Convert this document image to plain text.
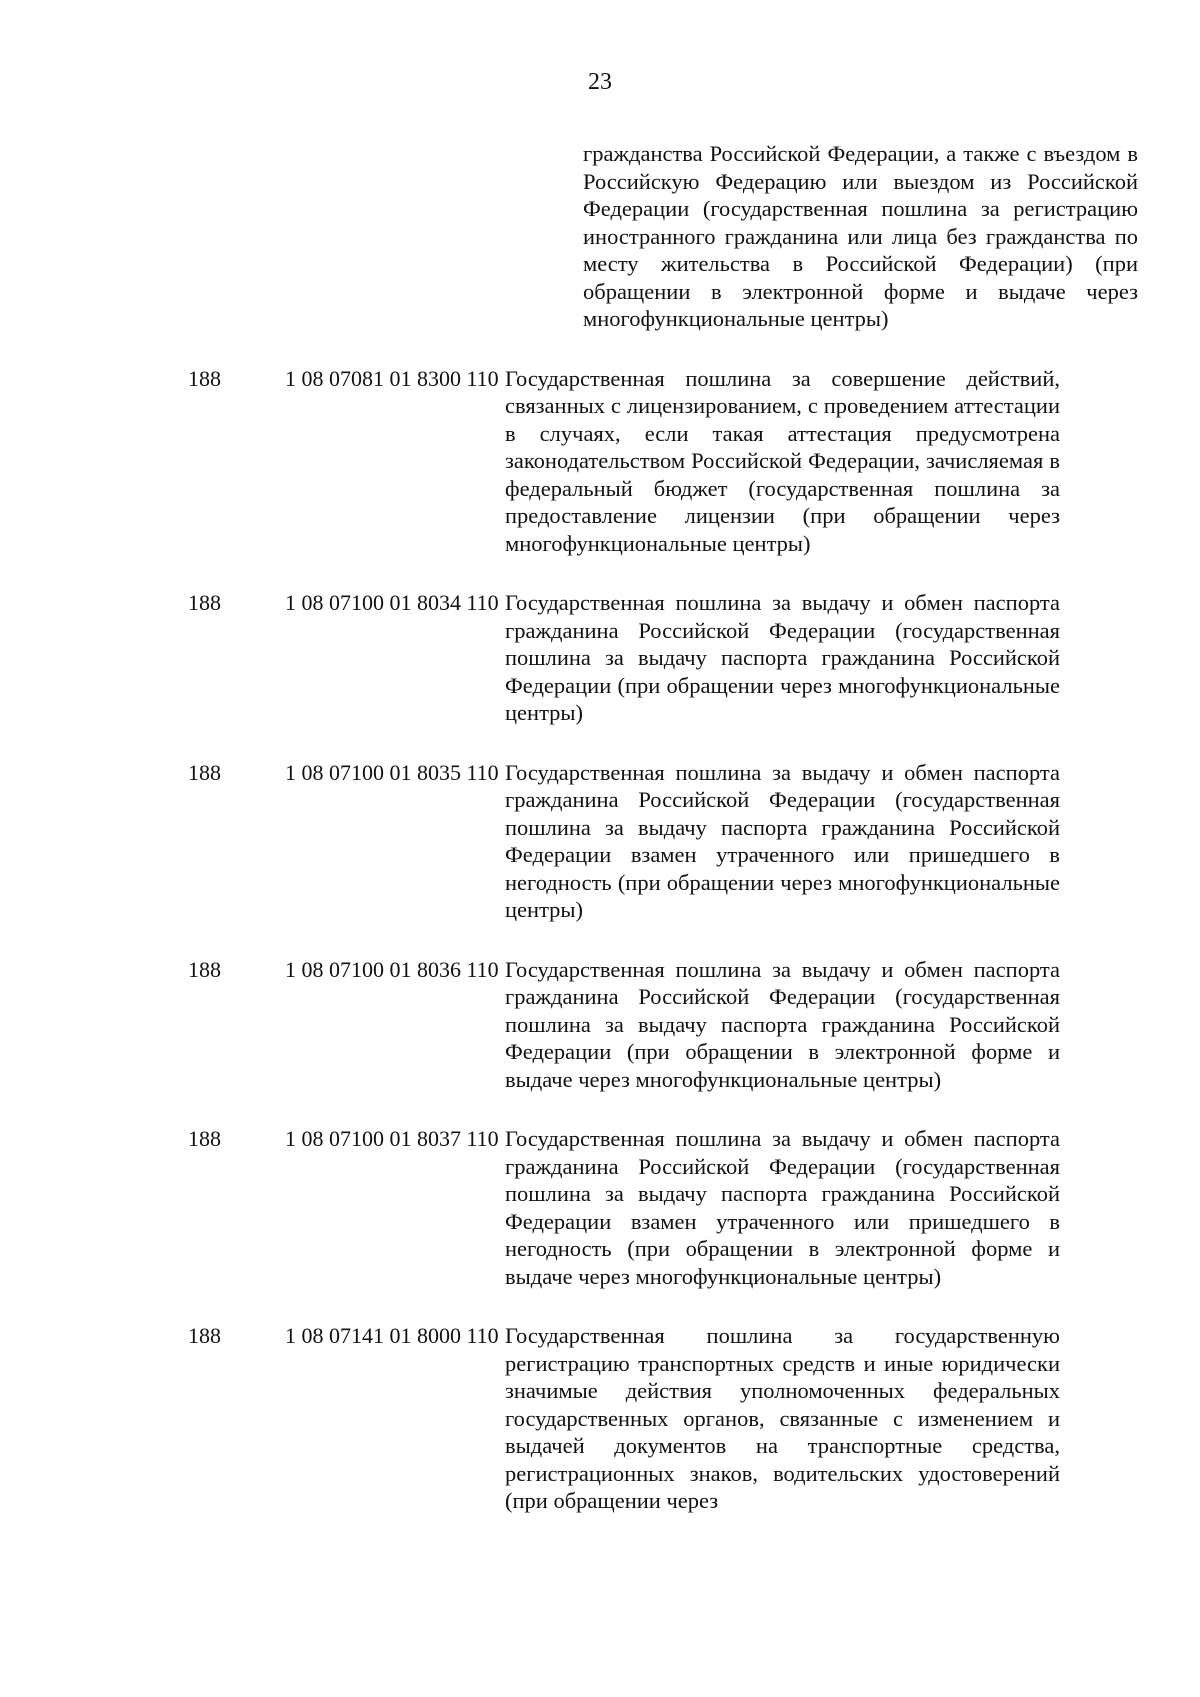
23
гражданства Российской Федерации, а также с въездом в Российскую Федерацию или выездом из Российской Федерации (государственная пошлина за регистрацию иностранного гражданина или лица без гражданства по месту жительства в Российской Федерации) (при обращении в электронной форме и выдаче через многофункциональные центры)
188	1 08 07081 01 8300 110 Государственная пошлина за совершение действий, связанных с лицензированием, с проведением аттестации в случаях, если такая аттестация предусмотрена законодательством Российской Федерации, зачисляемая в федеральный бюджет (государственная пошлина за предоставление лицензии (при обращении через многофункциональные центры)
188	1 08 07100 01 8034 110 Государственная пошлина за выдачу и обмен паспорта гражданина Российской Федерации (государственная пошлина за выдачу паспорта гражданина Российской Федерации (при обращении через многофункциональные центры)
188	1 08 07100 01 8035 110 Государственная пошлина за выдачу и обмен паспорта гражданина Российской Федерации (государственная пошлина за выдачу паспорта гражданина Российской Федерации взамен утраченного или пришедшего в негодность (при обращении через многофункциональные центры)
188	1 08 07100 01 8036 110 Государственная пошлина за выдачу и обмен паспорта гражданина Российской Федерации (государственная пошлина за выдачу паспорта гражданина Российской Федерации (при обращении в электронной форме и выдаче через многофункциональные центры)
188	1 08 07100 01 8037 110 Государственная пошлина за выдачу и обмен паспорта гражданина Российской Федерации (государственная пошлина за выдачу паспорта гражданина Российской Федерации взамен утраченного или пришедшего в негодность (при обращении в электронной форме и выдаче через многофункциональные центры)
188	1 08 07141 01 8000 110 Государственная пошлина за государственную регистрацию транспортных средств и иные юридически значимые действия уполномоченных федеральных государственных органов, связанные с изменением и выдачей документов на транспортные средства, регистрационных знаков, водительских удостоверений (при обращении через
